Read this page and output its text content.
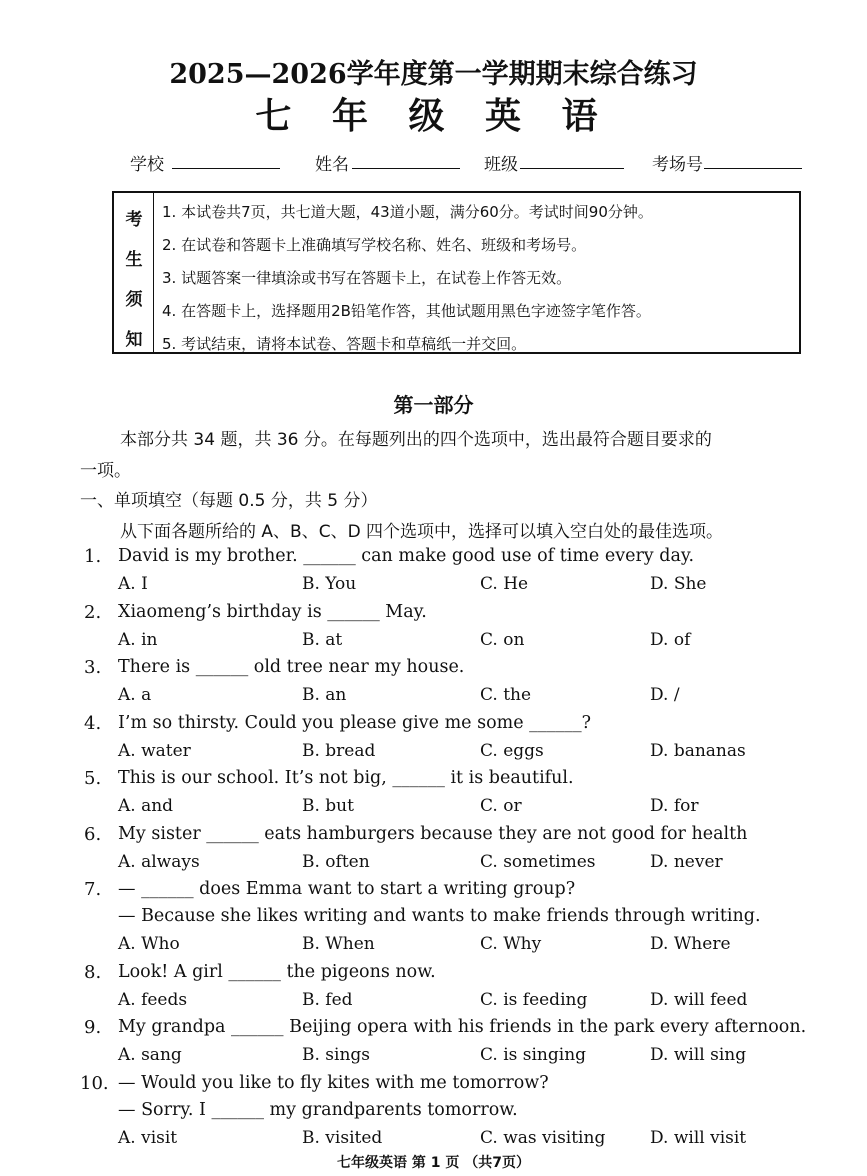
2025—2026学年度第一学期期末综合练习
七 年 级 英 语
学校	姓名	班级	考场号
考
生
须
知
1. 本试卷共7页，共七道大题，43道小题，满分60分。考试时间90分钟。
2. 在试卷和答题卡上准确填写学校名称、姓名、班级和考场号。
3. 试题答案一律填涂或书写在答题卡上，在试卷上作答无效。
4. 在答题卡上，选择题用2B铅笔作答，其他试题用黑色字迹签字笔作答。
5. 考试结束，请将本试卷、答题卡和草稿纸一并交回。
第一部分
本部分共 34 题，共 36 分。在每题列出的四个选项中，选出最符合题目要求的
一项。
一、单项填空（每题 0.5 分，共 5 分）
从下面各题所给的 A、B、C、D 四个选项中，选择可以填入空白处的最佳选项。
1. David is my brother. ______ can make good use of time every day.
A. I	B. You	C. He	D. She
2. Xiaomeng’s birthday is ______ May.
A. in	B. at	C. on	D. of
3. There is ______ old tree near my house.
A. a	B. an	C. the	D. /
4. I’m so thirsty. Could you please give me some ______?
A. water	B. bread	C. eggs	D. bananas
5. This is our school. It’s not big, ______ it is beautiful.
A. and	B. but	C. or	D. for
6. My sister ______ eats hamburgers because they are not good for health
A. always	B. often	C. sometimes	D. never
7. — ______ does Emma want to start a writing group?
— Because she likes writing and wants to make friends through writing.
A. Who	B. When	C. Why	D. Where
8. Look! A girl ______ the pigeons now.
A. feeds	B. fed	C. is feeding	D. will feed
9. My grandpa ______ Beijing opera with his friends in the park every afternoon.
A. sang	B. sings	C. is singing	D. will sing
10. — Would you like to fly kites with me tomorrow?
— Sorry. I ______ my grandparents tomorrow.
A. visit	B. visited	C. was visiting	D. will visit
七年级英语 第 1 页 （共7页）
